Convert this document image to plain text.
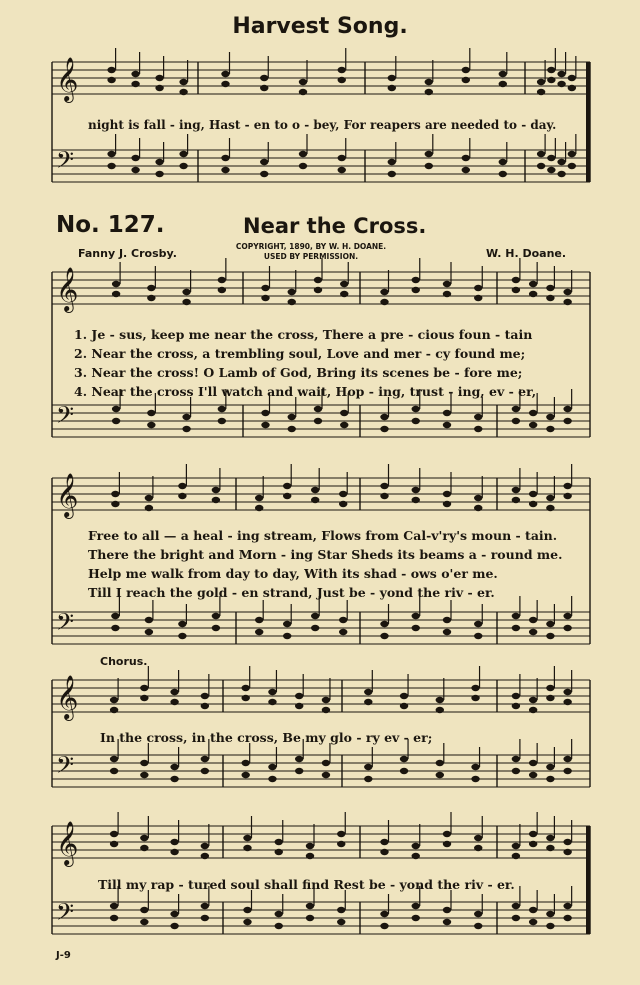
𝄞
𝄢
𝄞
𝄢
𝄞
𝄢
𝄞
𝄢
𝄞
𝄢
Harvest Song.
night is fall - ing, Hast - en to o - bey, For reapers are needed to - day.
No. 127.	Near the Cross.
Fanny J. Crosby.
COPYRIGHT, 1890, BY W. H. DOANE.
USED BY PERMISSION.	W. H. Doane.
1. Je - sus, keep me near the cross, There a pre - cious foun - tain
2. Near the cross, a trembling soul, Love and mer - cy found me;
3. Near the cross! O Lamb of God, Bring its scenes be - fore me;
4. Near the cross I'll watch and wait, Hop - ing, trust - ing, ev - er,
Free to all — a heal - ing stream, Flows from Cal-v'ry's moun - tain.
There the bright and Morn - ing Star Sheds its beams a - round me.
Help me walk from day to day, With its shad - ows o'er me.
Till I reach the gold - en strand, Just be - yond the riv - er.
Chorus.
In the cross, in the cross, Be my glo - ry ev - er;
Till my rap - tured soul shall find Rest be - yond the riv - er.
J-9
